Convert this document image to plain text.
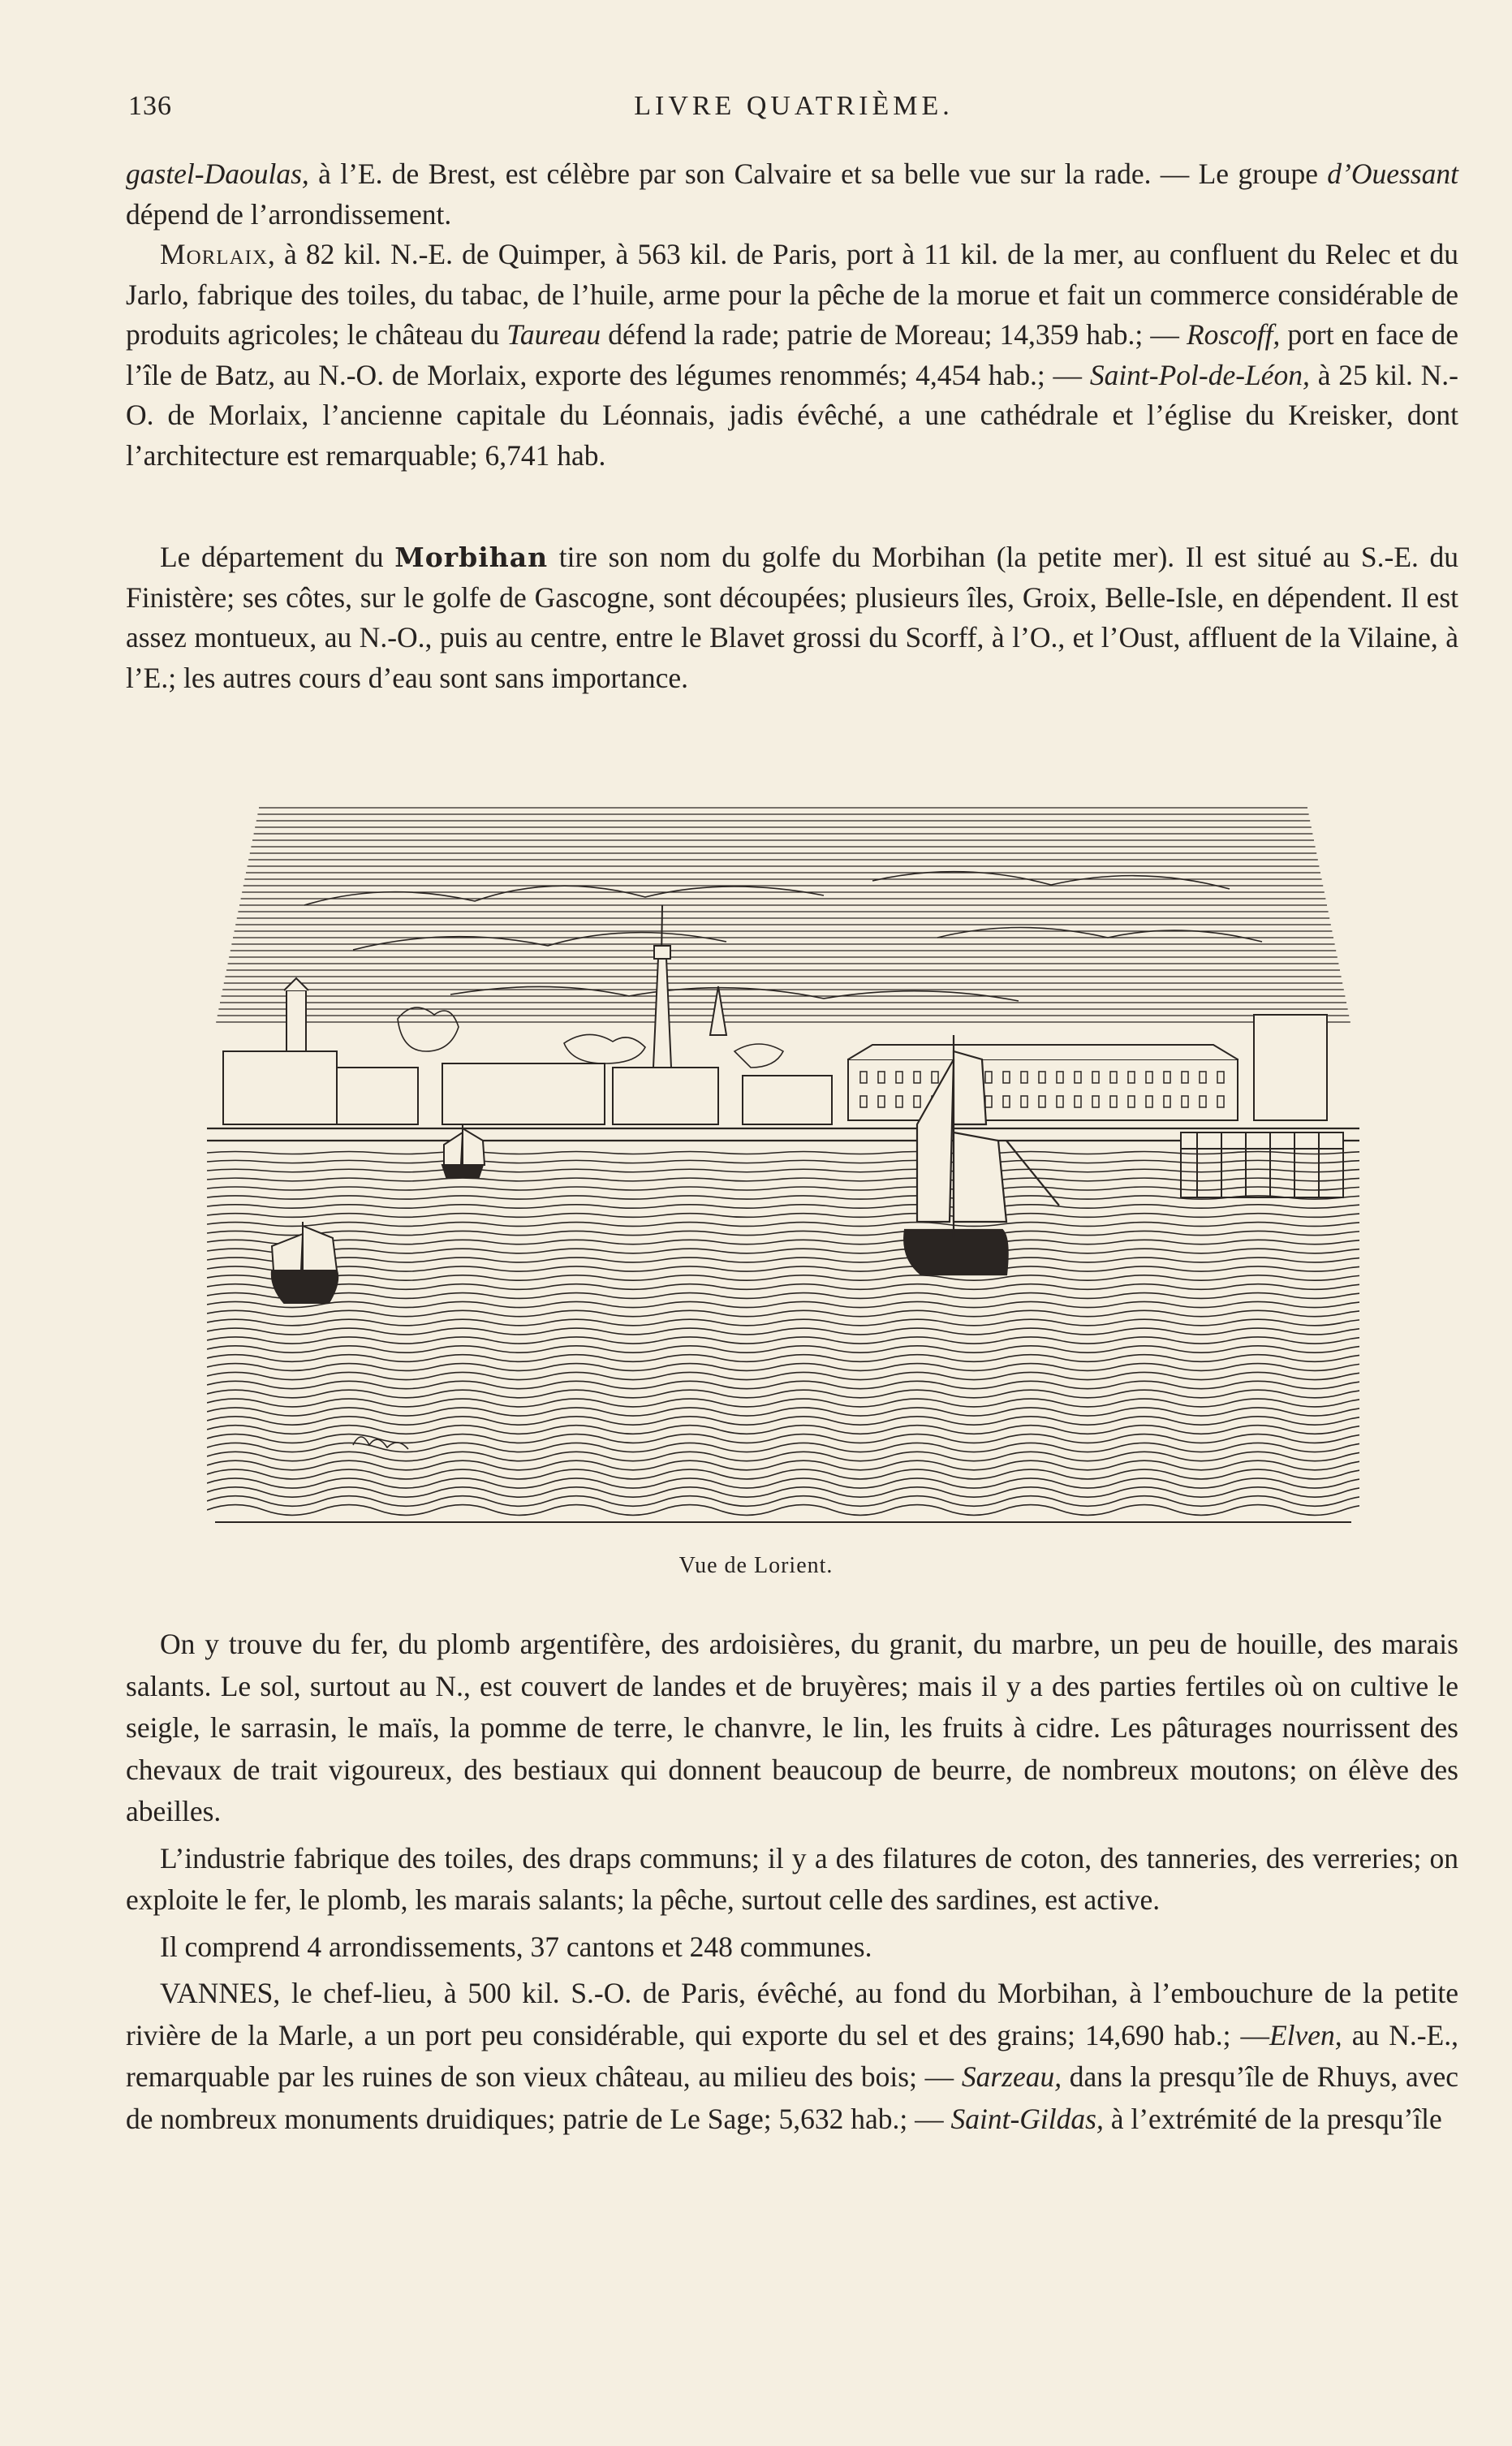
136	LIVRE QUATRIÈME.

gastel-Daoulas, à l’E. de Brest, est célèbre par son Calvaire et sa belle vue sur la rade. — Le groupe d’Ouessant dépend de l’arrondissement.

Morlaix, à 82 kil. N.-E. de Quimper, à 563 kil. de Paris, port à 11 kil. de la mer, au confluent du Relec et du Jarlo, fabrique des toiles, du tabac, de l’huile, arme pour la pêche de la morue et fait un commerce considérable de produits agricoles; le château du Taureau défend la rade; patrie de Moreau; 14,359 hab.; — Roscoff, port en face de l’île de Batz, au N.-O. de Morlaix, exporte des légumes renommés; 4,454 hab.; — Saint-Pol-de-Léon, à 25 kil. N.-O. de Morlaix, l’ancienne capitale du Léonnais, jadis évêché, a une cathédrale et l’église du Kreisker, dont l’architecture est remarquable; 6,741 hab.

Le département du Morbihan tire son nom du golfe du Morbihan (la petite mer). Il est situé au S.-E. du Finistère; ses côtes, sur le golfe de Gascogne, sont découpées; plusieurs îles, Groix, Belle-Isle, en dépendent. Il est assez montueux, au N.-O., puis au centre, entre le Blavet grossi du Scorff, à l’O., et l’Oust, affluent de la Vilaine, à l’E.; les autres cours d’eau sont sans importance.

Vue de Lorient.

On y trouve du fer, du plomb argentifère, des ardoisières, du granit, du marbre, un peu de houille, des marais salants. Le sol, surtout au N., est couvert de landes et de bruyères; mais il y a des parties fertiles où on cultive le seigle, le sarrasin, le maïs, la pomme de terre, le chanvre, le lin, les fruits à cidre. Les pâturages nourrissent des chevaux de trait vigoureux, des bestiaux qui donnent beaucoup de beurre, de nombreux moutons; on élève des abeilles.

L’industrie fabrique des toiles, des draps communs; il y a des filatures de coton, des tanneries, des verreries; on exploite le fer, le plomb, les marais salants; la pêche, surtout celle des sardines, est active.

Il comprend 4 arrondissements, 37 cantons et 248 communes.

VANNES, le chef-lieu, à 500 kil. S.-O. de Paris, évêché, au fond du Morbihan, à l’embouchure de la petite rivière de la Marle, a un port peu considérable, qui exporte du sel et des grains; 14,690 hab.; —Elven, au N.-E., remarquable par les ruines de son vieux château, au milieu des bois; — Sarzeau, dans la presqu’île de Rhuys, avec de nombreux monuments druidiques; patrie de Le Sage; 5,632 hab.; — Saint-Gildas, à l’extrémité de la presqu’île
